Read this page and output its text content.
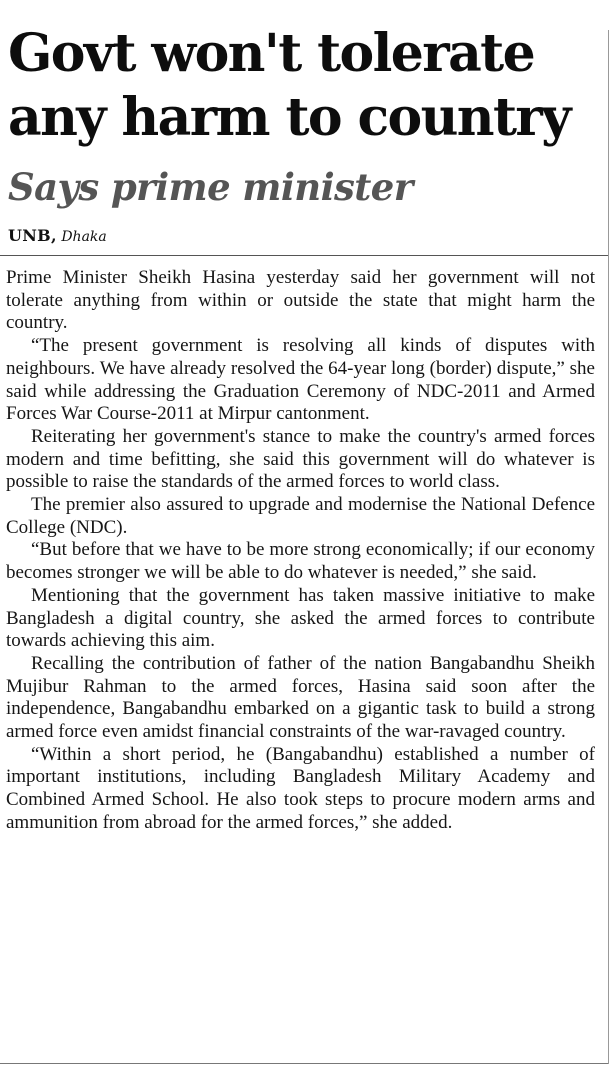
Govt won't tolerate any harm to country
Says prime minister
UNB, Dhaka

Prime Minister Sheikh Hasina yesterday said her government will not tolerate anything from within or outside the state that might harm the country.

“The present government is resolving all kinds of disputes with neighbours. We have already resolved the 64-year long (border) dispute,” she said while addressing the Graduation Ceremony of NDC-2011 and Armed Forces War Course-2011 at Mirpur cantonment.

Reiterating her government's stance to make the country's armed forces modern and time befitting, she said this government will do whatever is possible to raise the standards of the armed forces to world class.

The premier also assured to upgrade and modernise the National Defence College (NDC).

“But before that we have to be more strong economically; if our economy becomes stronger we will be able to do whatever is needed,” she said.

Mentioning that the government has taken massive initiative to make Bangladesh a digital country, she asked the armed forces to contribute towards achieving this aim.

Recalling the contribution of father of the nation Bangabandhu Sheikh Mujibur Rahman to the armed forces, Hasina said soon after the independence, Bangabandhu embarked on a gigantic task to build a strong armed force even amidst financial constraints of the war-ravaged country.

“Within a short period, he (Bangabandhu) established a number of important institutions, including Bangladesh Military Academy and Combined Armed School. He also took steps to procure modern arms and ammunition from abroad for the armed forces,” she added.
